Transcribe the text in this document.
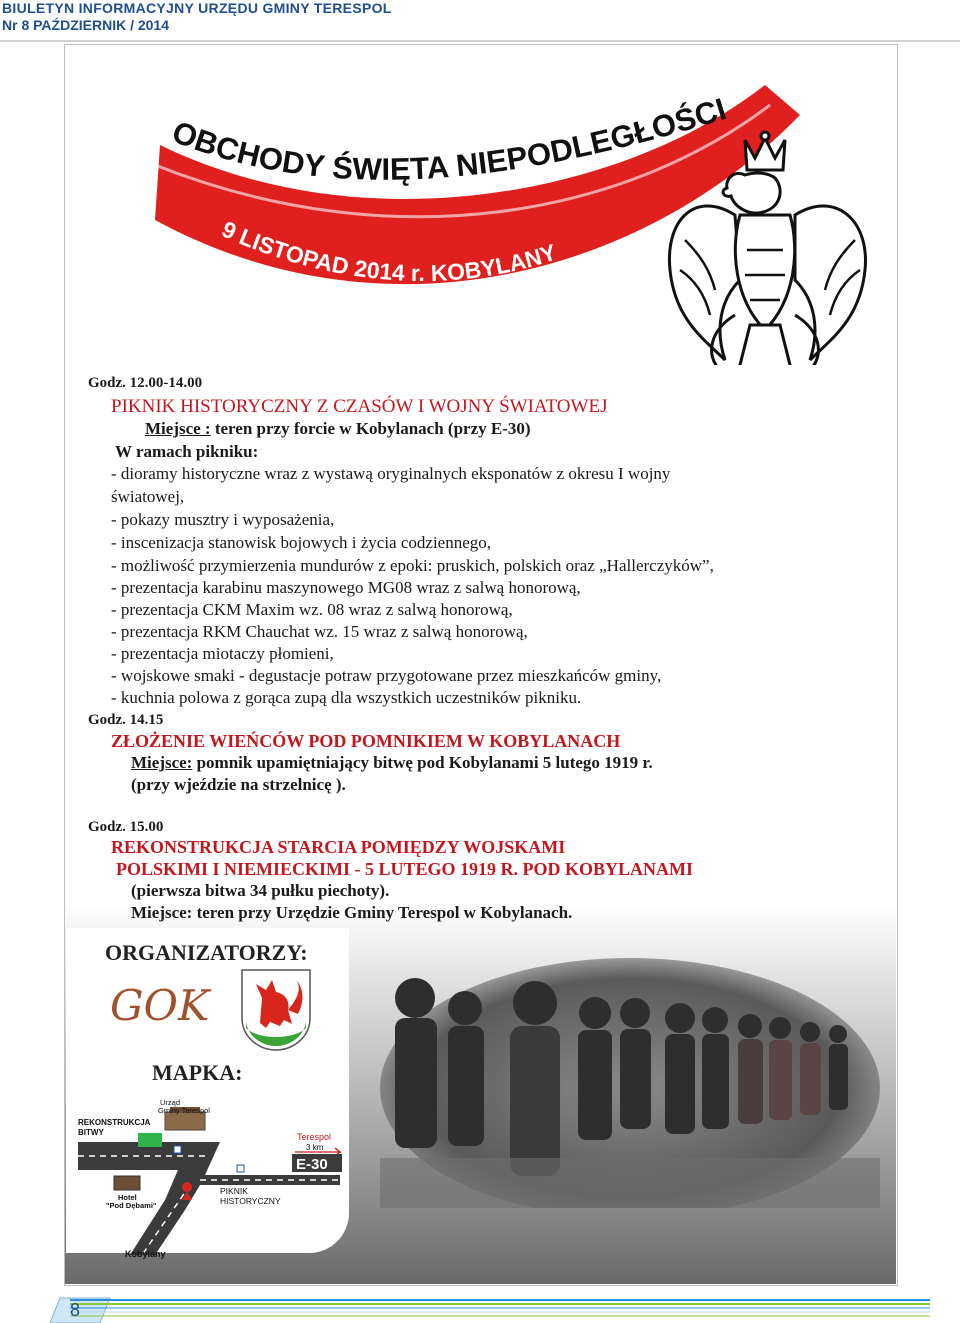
BIULETYN INFORMACYJNY URZĘDU GMINY TERESPOL
Nr 8 PAŹDZIERNIK / 2014
OBCHODY ŚWIĘTA NIEPODLEGŁOŚCI
9 LISTOPAD 2014 r. KOBYLANY
Godz. 12.00-14.00
PIKNIK HISTORYCZNY Z CZASÓW I WOJNY ŚWIATOWEJ
Miejsce : teren przy forcie w Kobylanach (przy E-30)
W ramach pikniku:
- dioramy historyczne wraz z wystawą oryginalnych eksponatów z okresu I wojny
światowej,
- pokazy musztry i wyposażenia,
- inscenizacja stanowisk bojowych i życia codziennego,
- możliwość przymierzenia mundurów z epoki: pruskich, polskich oraz „Hallerczyków”,
- prezentacja karabinu maszynowego MG08 wraz z salwą honorową,
- prezentacja CKM Maxim wz. 08 wraz z salwą honorową,
- prezentacja RKM Chauchat wz. 15 wraz z salwą honorową,
- prezentacja miotaczy płomieni,
- wojskowe smaki - degustacje potraw przygotowane przez mieszkańców gminy,
- kuchnia polowa z gorąca zupą dla wszystkich uczestników pikniku.
Godz. 14.15
ZŁOŻENIE WIEŃCÓW POD POMNIKIEM W KOBYLANACH
Miejsce: pomnik upamiętniający bitwę pod Kobylanami 5 lutego 1919 r.
(przy wjeździe na strzelnicę ).
Godz. 15.00
REKONSTRUKCJA STARCIA POMIĘDZY WOJSKAMI
POLSKIMI I NIEMIECKIMI - 5 LUTEGO 1919 R. POD KOBYLANAMI
(pierwsza bitwa 34 pułku piechoty).
Miejsce: teren przy Urzędzie Gminy Terespol w Kobylanach.
ORGANIZATORZY:
GOK
MAPKA:
Urząd
Gminy Terespol
REKONSTRUKCJA
BITWY	Terespol
3 km
E-30
Hotel
"Pod Dębami"
PIKNIK
HISTORYCZNY
Kobylany
8
